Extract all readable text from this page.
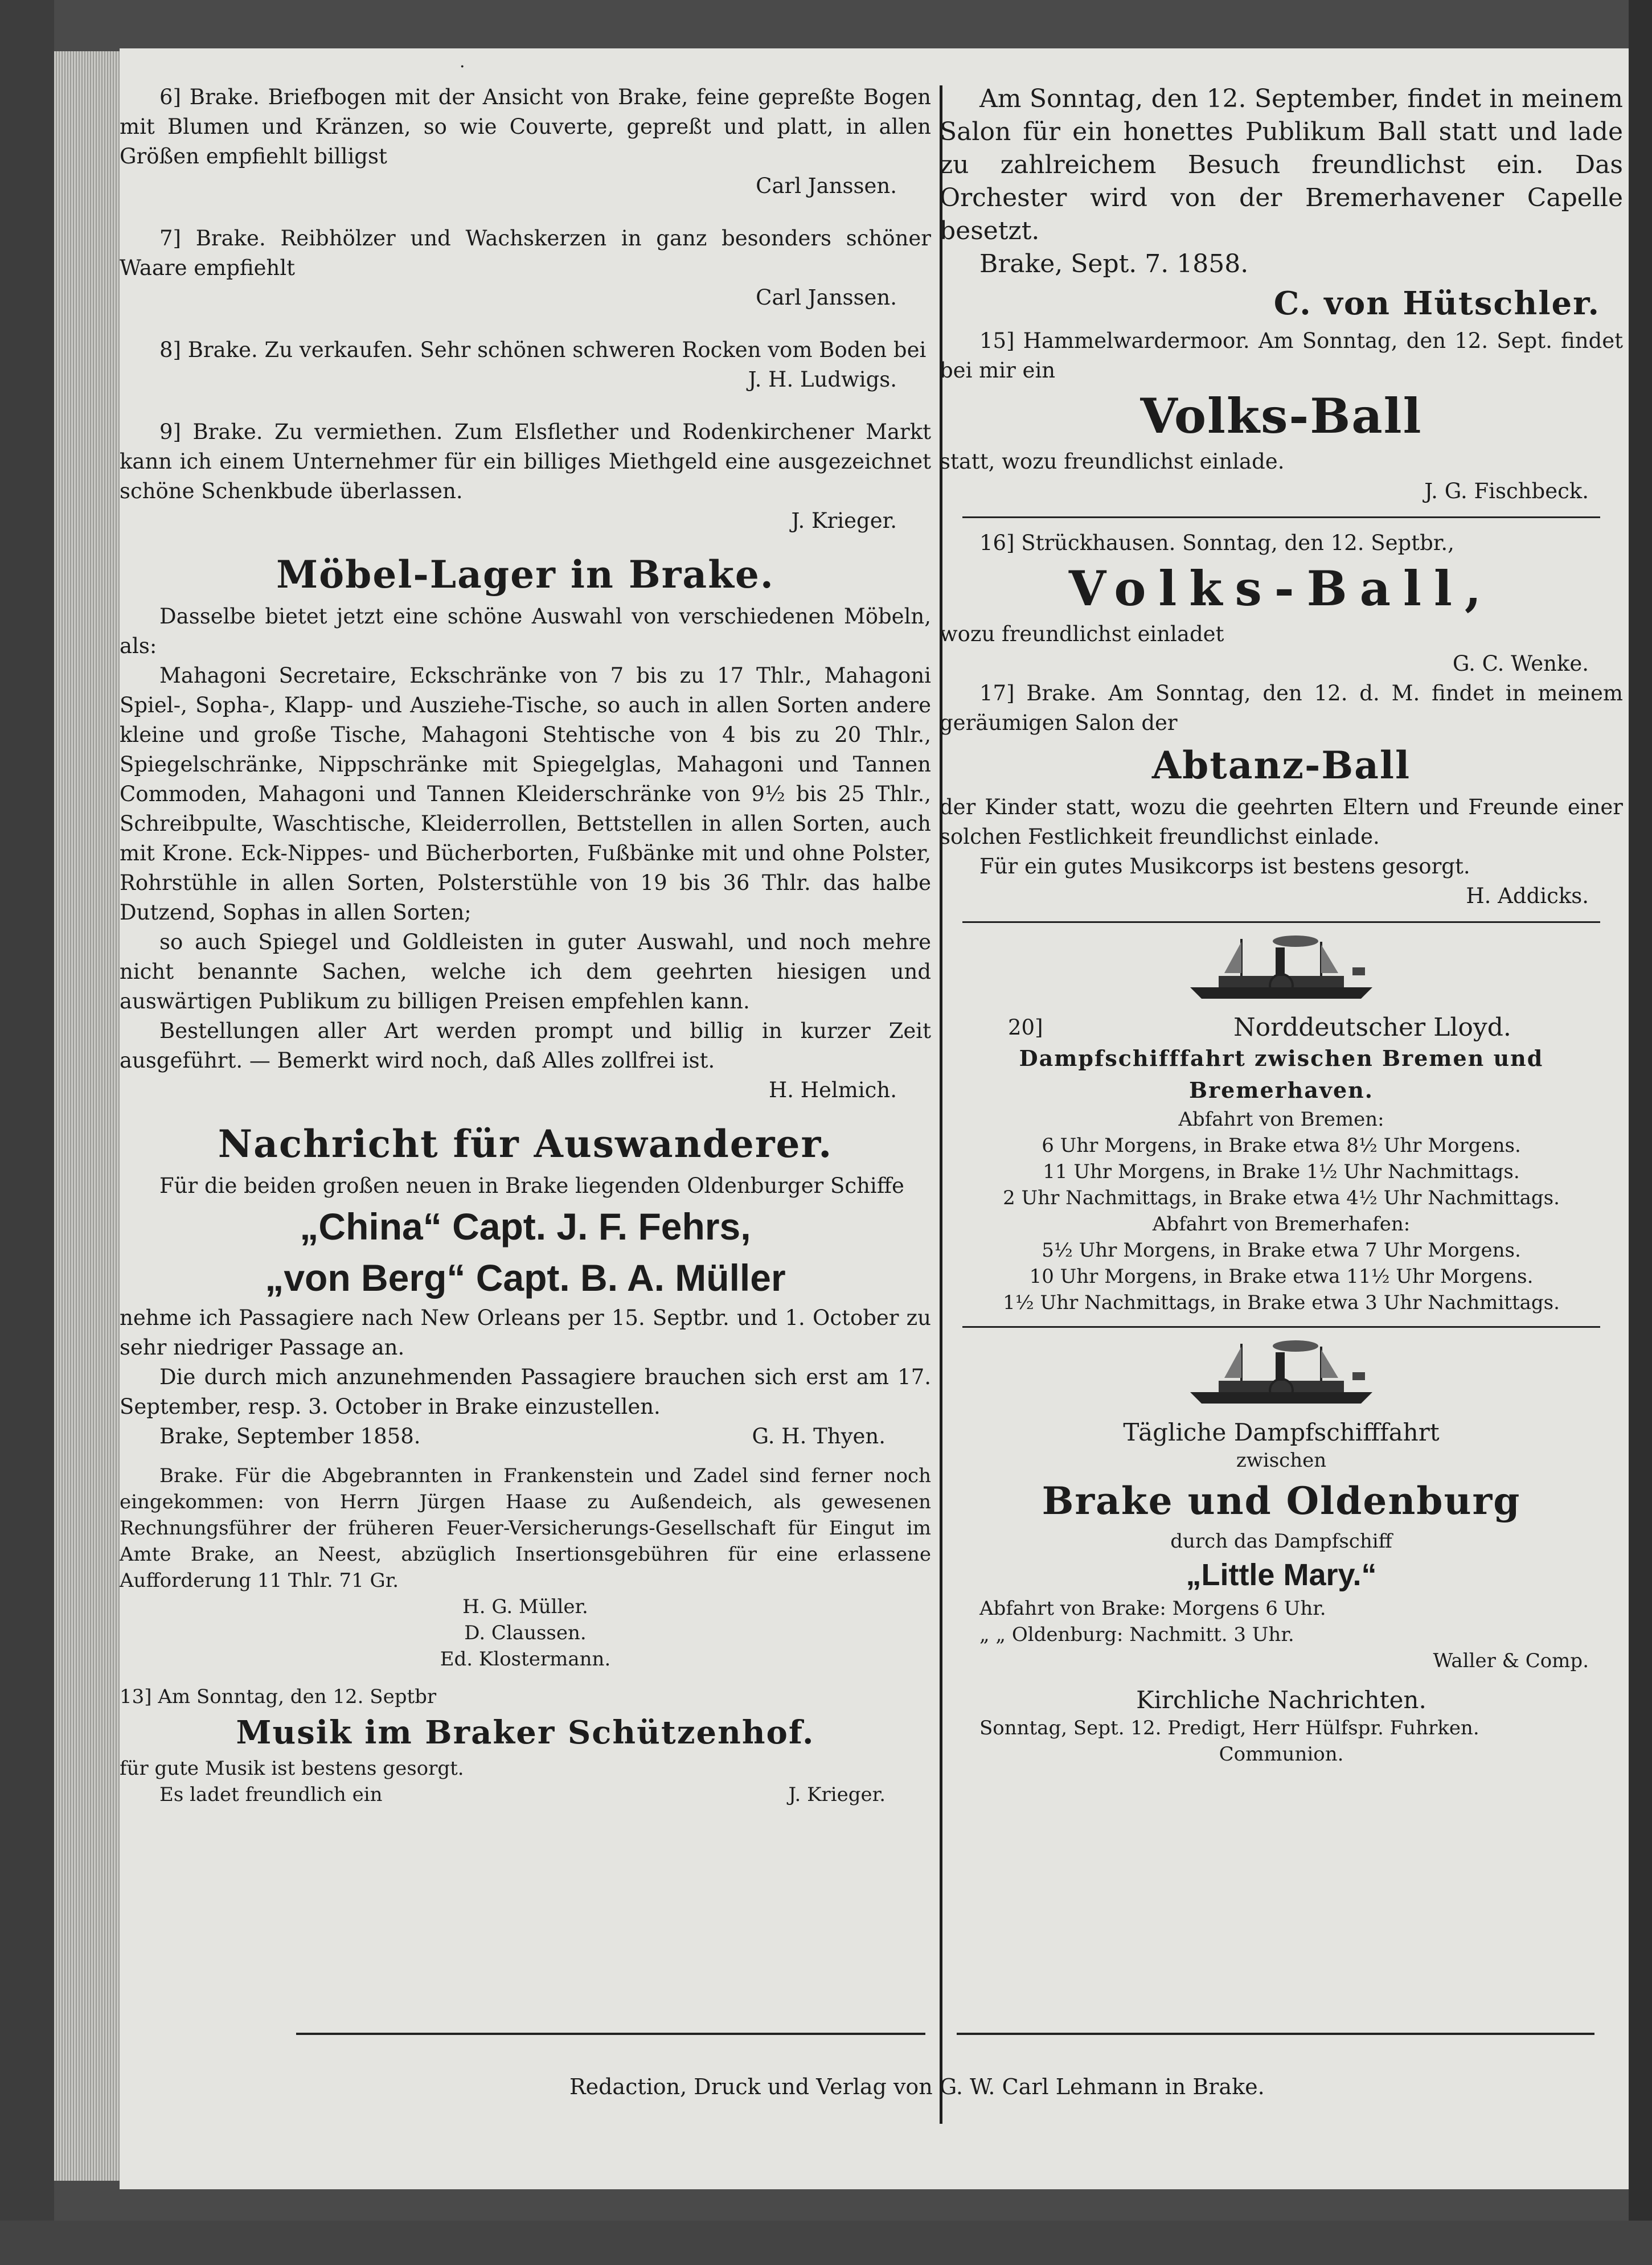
·

6] Brake. Briefbogen mit der Ansicht von Brake, feine gepreßte Bogen mit Blumen und Kränzen, so wie Couverte, gepreßt und platt, in allen Größen empfiehlt billigst

Carl Janssen.

7] Brake. Reibhölzer und Wachskerzen in ganz besonders schöner Waare empfiehlt

Carl Janssen.

8] Brake. Zu verkaufen. Sehr schönen schweren Rocken vom Boden bei

J. H. Ludwigs.

9] Brake. Zu vermiethen. Zum Elsflether und Rodenkirchener Markt kann ich einem Unternehmer für ein billiges Miethgeld eine ausgezeichnet schöne Schenkbude überlassen.

J. Krieger.

Möbel-Lager in Brake.

Dasselbe bietet jetzt eine schöne Auswahl von verschiedenen Möbeln, als:

Mahagoni Secretaire, Eckschränke von 7 bis zu 17 Thlr., Mahagoni Spiel-, Sopha-, Klapp- und Ausziehe-Tische, so auch in allen Sorten andere kleine und große Tische, Mahagoni Stehtische von 4 bis zu 20 Thlr., Spiegelschränke, Nippschränke mit Spiegelglas, Mahagoni und Tannen Commoden, Mahagoni und Tannen Kleiderschränke von 9½ bis 25 Thlr., Schreibpulte, Waschtische, Kleiderrollen, Bettstellen in allen Sorten, auch mit Krone. Eck-Nippes- und Bücherborten, Fußbänke mit und ohne Polster, Rohrstühle in allen Sorten, Polsterstühle von 19 bis 36 Thlr. das halbe Dutzend, Sophas in allen Sorten;

so auch Spiegel und Goldleisten in guter Auswahl, und noch mehre nicht benannte Sachen, welche ich dem geehrten hiesigen und auswärtigen Publikum zu billigen Preisen empfehlen kann.

Bestellungen aller Art werden prompt und billig in kurzer Zeit ausgeführt. — Bemerkt wird noch, daß Alles zollfrei ist.

H. Helmich.

Nachricht für Auswanderer.

Für die beiden großen neuen in Brake liegenden Oldenburger Schiffe

„China“ Capt. J. F. Fehrs,

„von Berg“ Capt. B. A. Müller

nehme ich Passagiere nach New Orleans per 15. Septbr. und 1. October zu sehr niedriger Passage an.

Die durch mich anzunehmenden Passagiere brauchen sich erst am 17. September, resp. 3. October in Brake einzustellen.

Brake, September 1858.	G. H. Thyen.

Brake. Für die Abgebrannten in Frankenstein und Zadel sind ferner noch eingekommen: von Herrn Jürgen Haase zu Außendeich, als gewesenen Rechnungsführer der früheren Feuer-Versicherungs-Gesellschaft für Eingut im Amte Brake, an Neest, abzüglich Insertionsgebühren für eine erlassene Aufforderung 11 Thlr. 71 Gr.

H. G. Müller.

D. Claussen.

Ed. Klostermann.

13] Am Sonntag, den 12. Septbr

Musik im Braker Schützenhof.

für gute Musik ist bestens gesorgt.

Es ladet freundlich ein	J. Krieger.

Am Sonntag, den 12. September, findet in meinem Salon für ein honettes Publikum Ball statt und lade zu zahlreichem Besuch freundlichst ein. Das Orchester wird von der Bremerhavener Capelle besetzt.

Brake, Sept. 7. 1858.

C. von Hütschler.

15] Hammelwardermoor. Am Sonntag, den 12. Sept. findet bei mir ein

Volks-Ball

statt, wozu freundlichst einlade.

J. G. Fischbeck.

16] Strückhausen. Sonntag, den 12. Septbr.,

Volks-Ball,

wozu freundlichst einladet

G. C. Wenke.

17] Brake. Am Sonntag, den 12. d. M. findet in meinem geräumigen Salon der

Abtanz-Ball

der Kinder statt, wozu die geehrten Eltern und Freunde einer solchen Festlichkeit freundlichst einlade.

Für ein gutes Musikcorps ist bestens gesorgt.

H. Addicks.

20]	Norddeutscher Lloyd.

Dampfschifffahrt zwischen Bremen und Bremerhaven.

Abfahrt von Bremen:

6 Uhr Morgens, in Brake etwa 8½ Uhr Morgens.

11 Uhr Morgens, in Brake 1½ Uhr Nachmittags.

2 Uhr Nachmittags, in Brake etwa 4½ Uhr Nachmittags.

Abfahrt von Bremerhafen:

5½ Uhr Morgens, in Brake etwa 7 Uhr Morgens.

10 Uhr Morgens, in Brake etwa 11½ Uhr Morgens.

1½ Uhr Nachmittags, in Brake etwa 3 Uhr Nachmittags.

Tägliche Dampfschifffahrt

zwischen

Brake und Oldenburg

durch das Dampfschiff

„Little Mary.“

Abfahrt von Brake: Morgens 6 Uhr.

„ „ Oldenburg: Nachmitt. 3 Uhr.

Waller & Comp.

Kirchliche Nachrichten.

Sonntag, Sept. 12. Predigt, Herr Hülfspr. Fuhrken.

Communion.

Redaction, Druck und Verlag von G. W. Carl Lehmann in Brake.
